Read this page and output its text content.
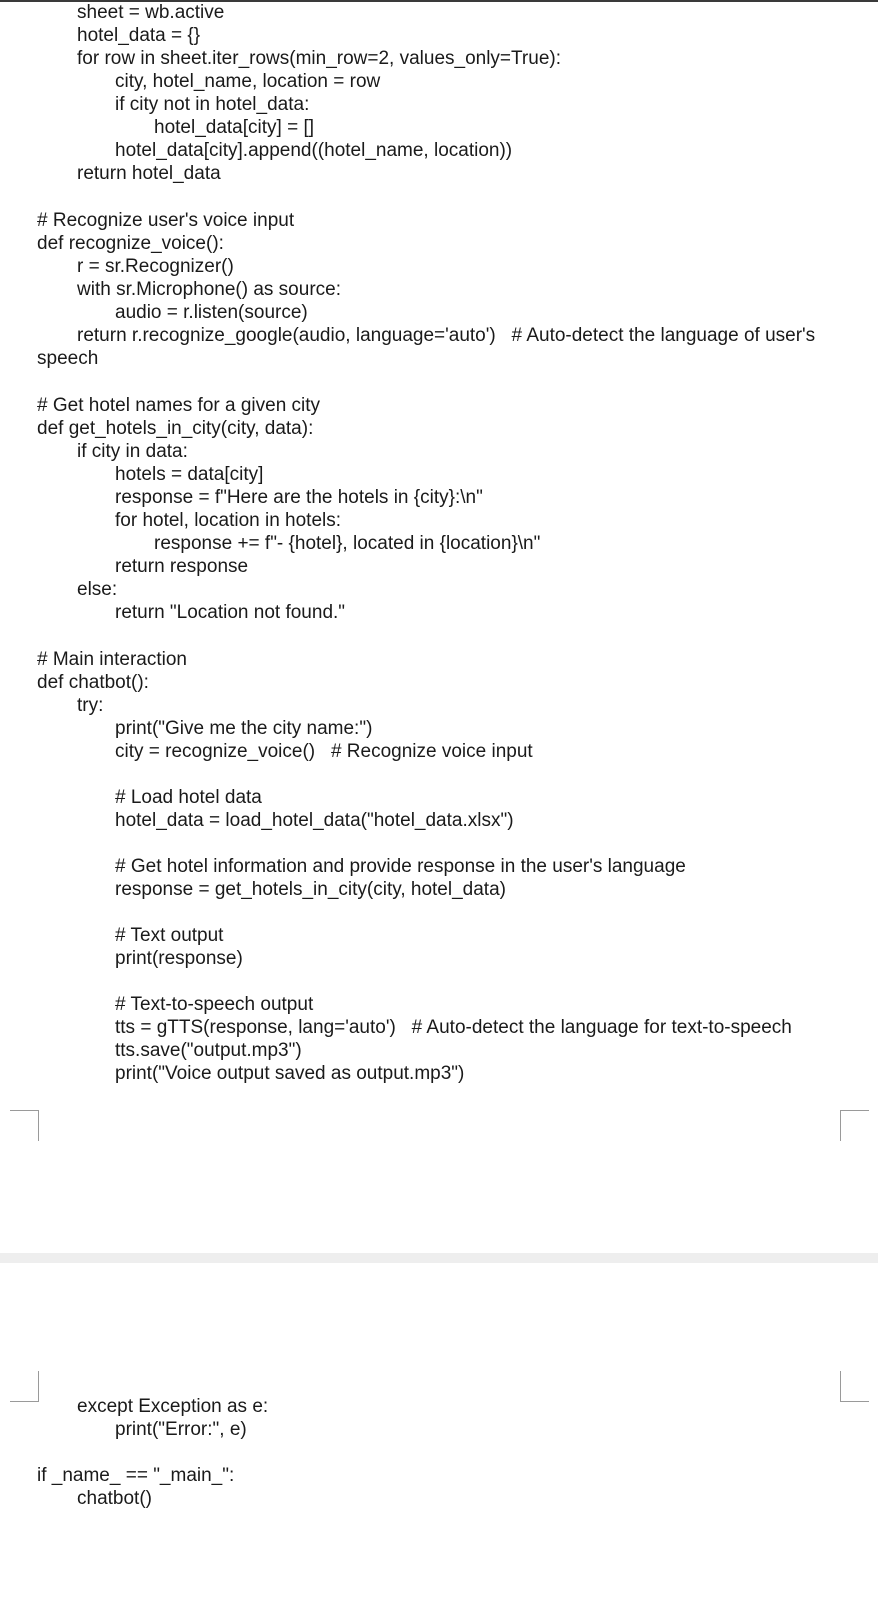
sheet = wb.active
hotel_data = {}
for row in sheet.iter_rows(min_row=2, values_only=True):
city, hotel_name, location = row
if city not in hotel_data:
hotel_data[city] = []
hotel_data[city].append((hotel_name, location))
return hotel_data
# Recognize user's voice input
def recognize_voice():
r = sr.Recognizer()
with sr.Microphone() as source:
audio = r.listen(source)
return r.recognize_google(audio, language='auto')   # Auto-detect the language of user's
speech
# Get hotel names for a given city
def get_hotels_in_city(city, data):
if city in data:
hotels = data[city]
response = f"Here are the hotels in {city}:\n"
for hotel, location in hotels:
response += f"- {hotel}, located in {location}\n"
return response
else:
return "Location not found."
# Main interaction
def chatbot():
try:
print("Give me the city name:")
city = recognize_voice()   # Recognize voice input
# Load hotel data
hotel_data = load_hotel_data("hotel_data.xlsx")
# Get hotel information and provide response in the user's language
response = get_hotels_in_city(city, hotel_data)
# Text output
print(response)
# Text-to-speech output
tts = gTTS(response, lang='auto')   # Auto-detect the language for text-to-speech
tts.save("output.mp3")
print("Voice output saved as output.mp3")
except Exception as e:
print("Error:", e)
if _name_ == "_main_":
chatbot()
